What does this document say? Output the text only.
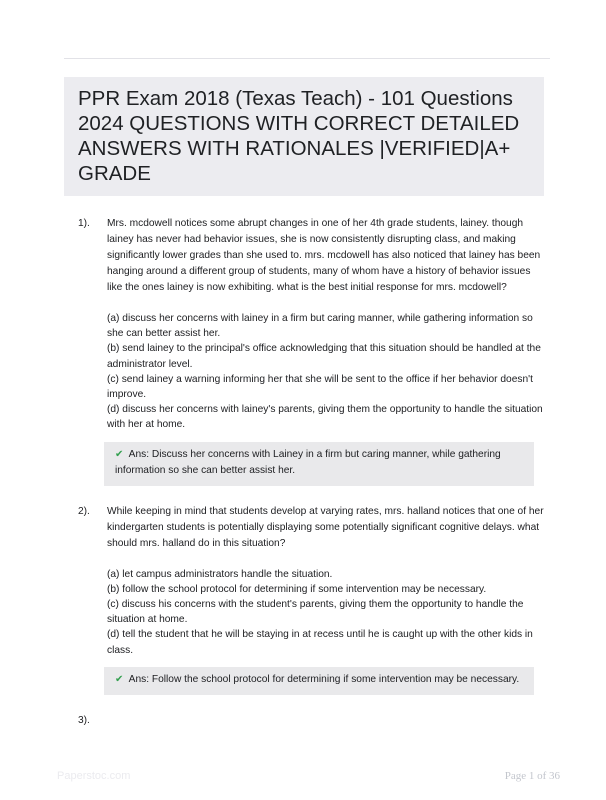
PPR Exam 2018 (Texas Teach) - 101 Questions 2024 QUESTIONS WITH CORRECT DETAILED ANSWERS WITH RATIONALES |VERIFIED|A+ GRADE
1).	Mrs. mcdowell notices some abrupt changes in one of her 4th grade students, lainey. though lainey has never had behavior issues, she is now consistently disrupting class, and making significantly lower grades than she used to. mrs. mcdowell has also noticed that lainey has been hanging around a different group of students, many of whom have a history of behavior issues like the ones lainey is now exhibiting. what is the best initial response for mrs. mcdowell?

(a) discuss her concerns with lainey in a firm but caring manner, while gathering information so she can better assist her.

(b) send lainey to the principal's office acknowledging that this situation should be handled at the administrator level.

(c) send lainey a warning informing her that she will be sent to the office if her behavior doesn't improve.

(d) discuss her concerns with lainey's parents, giving them the opportunity to handle the situation with her at home.

✔ Ans: Discuss her concerns with Lainey in a firm but caring manner, while gathering information so she can better assist her.
2).	While keeping in mind that students develop at varying rates, mrs. halland notices that one of her kindergarten students is potentially displaying some potentially significant cognitive delays. what should mrs. halland do in this situation?

(a) let campus administrators handle the situation.

(b) follow the school protocol for determining if some intervention may be necessary.

(c) discuss his concerns with the student's parents, giving them the opportunity to handle the situation at home.

(d) tell the student that he will be staying in at recess until he is caught up with the other kids in class.

✔ Ans: Follow the school protocol for determining if some intervention may be necessary.
3).
Paperstoc.com	Page 1 of 36
